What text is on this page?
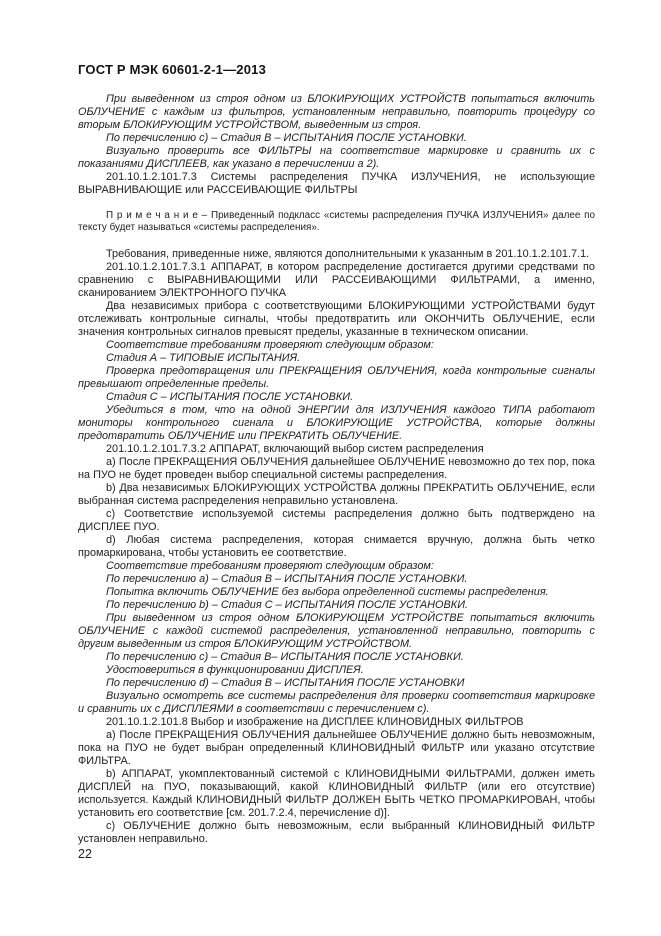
ГОСТ Р МЭК 60601-2-1—2013

При выведенном из строя одном из БЛОКИРУЮЩИХ УСТРОЙСТВ попытаться включить ОБЛУЧЕНИЕ с каждым из фильтров, установленным неправильно, повторить процедуру со вторым БЛОКИРУЮЩИМ УСТРОЙСТВОМ, выведенным из строя.

По перечислению с) – Стадия В – ИСПЫТАНИЯ ПОСЛЕ УСТАНОВКИ.

Визуально проверить все ФИЛЬТРЫ на соответствие маркировке и сравнить их с показаниями ДИСПЛЕЕВ, как указано в перечислении а 2).

201.10.1.2.101.7.3 Системы распределения ПУЧКА ИЗЛУЧЕНИЯ, не использующие ВЫРАВНИВАЮЩИЕ или РАССЕИВАЮЩИЕ ФИЛЬТРЫ

П р и м е ч а н и е – Приведенный подкласс «системы распределения ПУЧКА ИЗЛУЧЕНИЯ» далее по тексту будет называться «системы распределения».

Требования, приведенные ниже, являются дополнительными к указанным в 201.10.1.2.101.7.1.

201.10.1.2.101.7.3.1 АППАРАТ, в котором распределение достигается другими средствами по сравнению с ВЫРАВНИВАЮЩИМИ ИЛИ РАССЕИВАЮЩИМИ ФИЛЬТРАМИ, а именно, сканированием ЭЛЕКТРОННОГО ПУЧКА

Два независимых прибора с соответствующими БЛОКИРУЮЩИМИ УСТРОЙСТВАМИ будут отслеживать контрольные сигналы, чтобы предотвратить или ОКОНЧИТЬ ОБЛУЧЕНИЕ, если значения контрольных сигналов превысят пределы, указанные в техническом описании.

Соответствие требованиям проверяют следующим образом:

Стадия А – ТИПОВЫЕ ИСПЫТАНИЯ.

Проверка предотвращения или ПРЕКРАЩЕНИЯ ОБЛУЧЕНИЯ, когда контрольные сигналы превышают определенные пределы.

Стадия С – ИСПЫТАНИЯ ПОСЛЕ УСТАНОВКИ.

Убедиться в том, что на одной ЭНЕРГИИ для ИЗЛУЧЕНИЯ каждого ТИПА работают мониторы контрольного сигнала и БЛОКИРУЮЩИЕ УСТРОЙСТВА, которые должны предотвратить ОБЛУЧЕНИЕ или ПРЕКРАТИТЬ ОБЛУЧЕНИЕ.

201.10.1.2.101.7.3.2 АППАРАТ, включающий выбор систем распределения

a) После ПРЕКРАЩЕНИЯ ОБЛУЧЕНИЯ дальнейшее ОБЛУЧЕНИЕ невозможно до тех пор, пока на ПУО не будет проведен выбор специальной системы распределения.

b) Два независимых БЛОКИРУЮЩИХ УСТРОЙСТВА должны ПРЕКРАТИТЬ ОБЛУЧЕНИЕ, если выбранная система распределения неправильно установлена.

c) Соответствие используемой системы распределения должно быть подтверждено на ДИСПЛЕЕ ПУО.

d) Любая система распределения, которая снимается вручную, должна быть четко промаркирована, чтобы установить ее соответствие.

Соответствие требованиям проверяют следующим образом:

По перечислению a) – Стадия В – ИСПЫТАНИЯ ПОСЛЕ УСТАНОВКИ.

Попытка включить ОБЛУЧЕНИЕ без выбора определенной системы распределения.

По перечислению b) – Стадия С – ИСПЫТАНИЯ ПОСЛЕ УСТАНОВКИ.

При выведенном из строя одном БЛОКИРУЮЩЕМ УСТРОЙСТВЕ попытаться включить ОБЛУЧЕНИЕ с каждой системой распределения, установленной неправильно, повторить с другим выведенным из строя БЛОКИРУЮЩИМ УСТРОЙСТВОМ.

По перечислению с) – Стадия В– ИСПЫТАНИЯ ПОСЛЕ УСТАНОВКИ.

Удостовериться в функционировании ДИСПЛЕЯ.

По перечислению d) – Стадия В – ИСПЫТАНИЯ ПОСЛЕ УСТАНОВКИ

Визуально осмотреть все системы распределения для проверки соответствия маркировке и сравнить их с ДИСПЛЕЯМИ в соответствии с перечислением с).

201.10.1.2.101.8 Выбор и изображение на ДИСПЛЕЕ КЛИНОВИДНЫХ ФИЛЬТРОВ

a) После ПРЕКРАЩЕНИЯ ОБЛУЧЕНИЯ дальнейшее ОБЛУЧЕНИЕ должно быть невозможным, пока на ПУО не будет выбран определенный КЛИНОВИДНЫЙ ФИЛЬТР или указано отсутствие ФИЛЬТРА.

b) АППАРАТ, укомплектованный системой с КЛИНОВИДНЫМИ ФИЛЬТРАМИ, должен иметь ДИСПЛЕЙ на ПУО, показывающий, какой КЛИНОВИДНЫЙ ФИЛЬТР (или его отсутствие) используется. Каждый КЛИНОВИДНЫЙ ФИЛЬТР ДОЛЖЕН БЫТЬ ЧЕТКО ПРОМАРКИРОВАН, чтобы установить его соответствие [см. 201.7.2.4, перечисление d)].

c) ОБЛУЧЕНИЕ должно быть невозможным, если выбранный КЛИНОВИДНЫЙ ФИЛЬТР установлен неправильно.

22
